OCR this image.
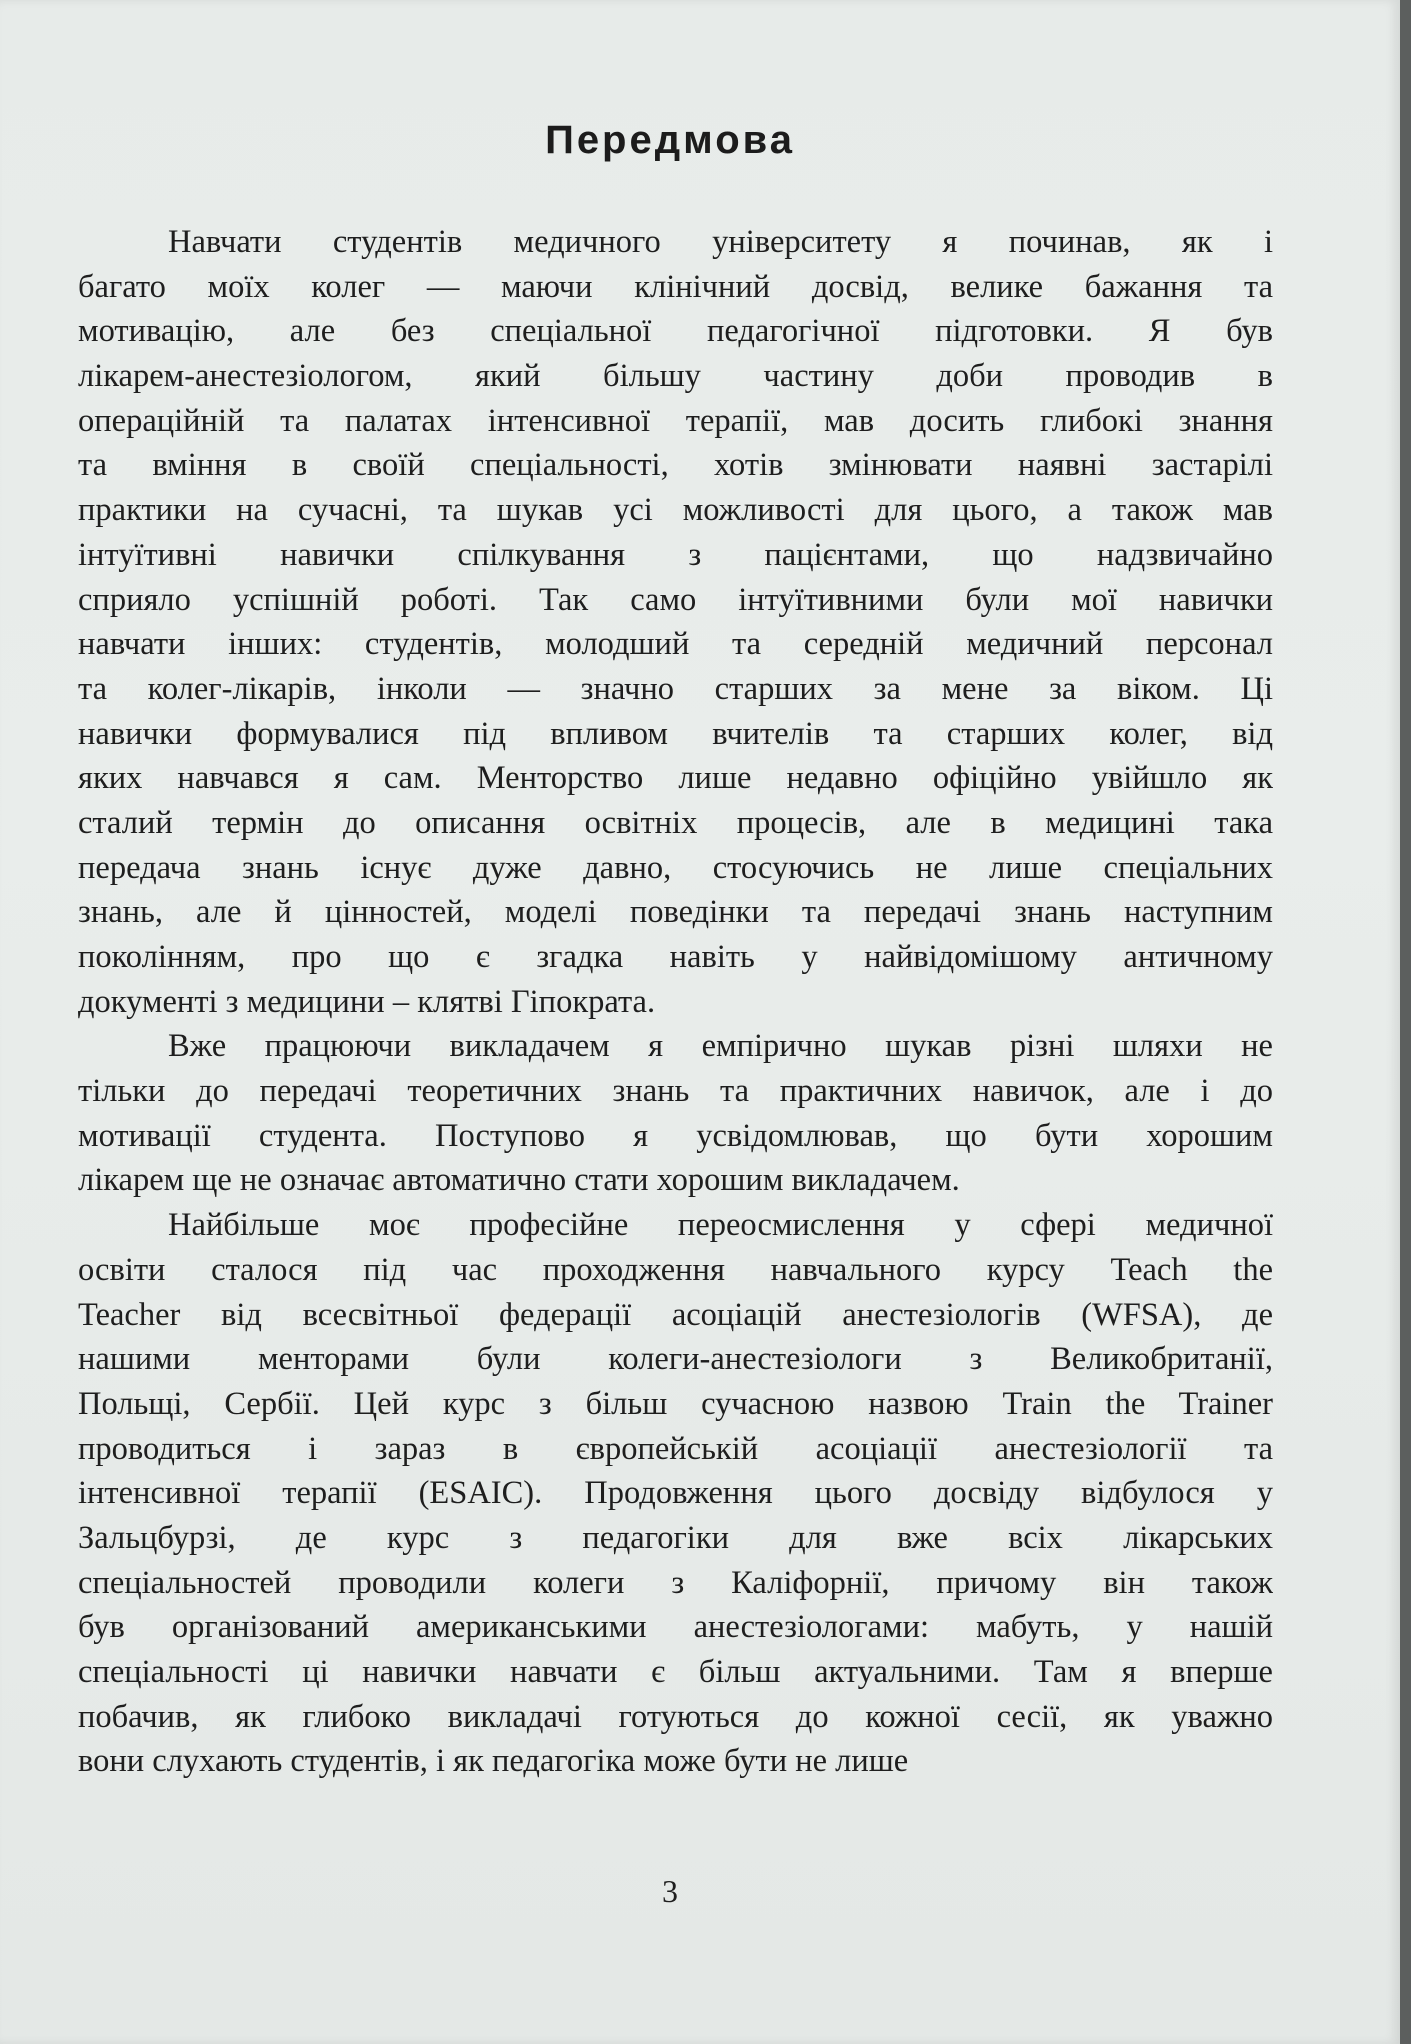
Передмова
Навчати студентів медичного університету я починав, як і
багато моїх колег — маючи клінічний досвід, велике бажання та
мотивацію, але без спеціальної педагогічної підготовки. Я був
лікарем-анестезіологом, який більшу частину доби проводив в
операційній та палатах інтенсивної терапії, мав досить глибокі знання
та вміння в своїй спеціальності, хотів змінювати наявні застарілі
практики на сучасні, та шукав усі можливості для цього, а також мав
інтуїтивні навички спілкування з пацієнтами, що надзвичайно
сприяло успішній роботі. Так само інтуїтивними були мої навички
навчати інших: студентів, молодший та середній медичний персонал
та колег-лікарів, інколи — значно старших за мене за віком. Ці
навички формувалися під впливом вчителів та старших колег, від
яких навчався я сам. Менторство лише недавно офіційно увійшло як
сталий термін до описання освітніх процесів, але в медицині така
передача знань існує дуже давно, стосуючись не лише спеціальних
знань, але й цінностей, моделі поведінки та передачі знань наступним
поколінням, про що є згадка навіть у найвідомішому античному
документі з медицини – клятві Гіпократа.
Вже працюючи викладачем я емпірично шукав різні шляхи не
тільки до передачі теоретичних знань та практичних навичок, але і до
мотивації студента. Поступово я усвідомлював, що бути хорошим
лікарем ще не означає автоматично стати хорошим викладачем.
Найбільше моє професійне переосмислення у сфері медичної
освіти сталося під час проходження навчального курсу Teach the
Teacher від всесвітньої федерації асоціацій анестезіологів (WFSA), де
нашими менторами були колеги-анестезіологи з Великобританії,
Польщі, Сербії. Цей курс з більш сучасною назвою Train the Trainer
проводиться і зараз в європейській асоціації анестезіології та
інтенсивної терапії (ESAIC). Продовження цього досвіду відбулося у
Зальцбурзі, де курс з педагогіки для вже всіх лікарських
спеціальностей проводили колеги з Каліфорнії, причому він також
був організований американськими анестезіологами: мабуть, у нашій
спеціальності ці навички навчати є більш актуальними. Там я вперше
побачив, як глибоко викладачі готуються до кожної сесії, як уважно
вони слухають студентів, і як педагогіка може бути не лише
3
